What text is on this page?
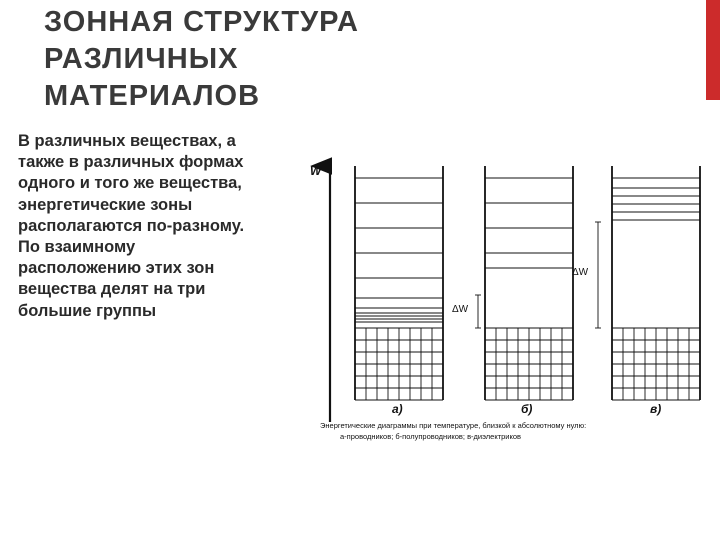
ЗОННАЯ СТРУКТУРА
РАЗЛИЧНЫХ
МАТЕРИАЛОВ

В различных веществах, а
также в различных формах
одного и того же вещества,
энергетические зоны
располагаются по-разному.
По взаимному
расположению этих зон
вещества делят на три
большие группы

W
ΔW
ΔW
а)	б)	в)

Энергетические диаграммы при температуре, близкой к абсолютному нулю:
а-проводников; б-полупроводников; в-диэлектриков
